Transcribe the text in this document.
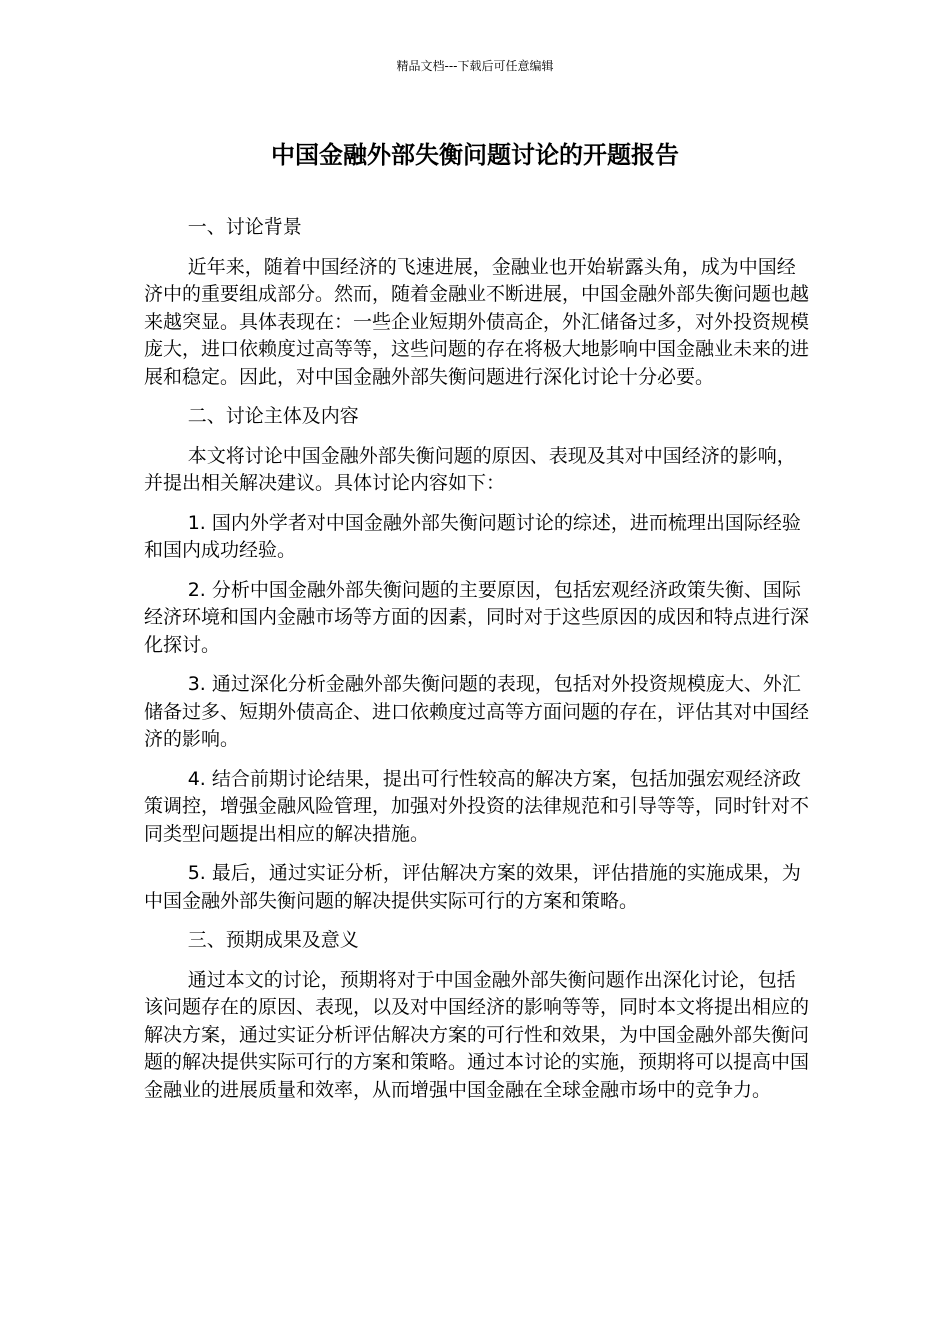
精品文档---下载后可任意编辑
中国金融外部失衡问题讨论的开题报告

一、讨论背景

近年来，随着中国经济的飞速进展，金融业也开始崭露头角，成为中国经济中的重要组成部分。然而，随着金融业不断进展，中国金融外部失衡问题也越来越突显。具体表现在：一些企业短期外债高企，外汇储备过多，对外投资规模庞大，进口依赖度过高等等，这些问题的存在将极大地影响中国金融业未来的进展和稳定。因此，对中国金融外部失衡问题进行深化讨论十分必要。

二、讨论主体及内容

本文将讨论中国金融外部失衡问题的原因、表现及其对中国经济的影响，并提出相关解决建议。具体讨论内容如下：

1. 国内外学者对中国金融外部失衡问题讨论的综述，进而梳理出国际经验和国内成功经验。

2. 分析中国金融外部失衡问题的主要原因，包括宏观经济政策失衡、国际经济环境和国内金融市场等方面的因素，同时对于这些原因的成因和特点进行深化探讨。

3. 通过深化分析金融外部失衡问题的表现，包括对外投资规模庞大、外汇储备过多、短期外债高企、进口依赖度过高等方面问题的存在，评估其对中国经济的影响。

4. 结合前期讨论结果，提出可行性较高的解决方案，包括加强宏观经济政策调控，增强金融风险管理，加强对外投资的法律规范和引导等等，同时针对不同类型问题提出相应的解决措施。

5. 最后，通过实证分析，评估解决方案的效果，评估措施的实施成果，为中国金融外部失衡问题的解决提供实际可行的方案和策略。

三、预期成果及意义

通过本文的讨论，预期将对于中国金融外部失衡问题作出深化讨论，包括该问题存在的原因、表现，以及对中国经济的影响等等，同时本文将提出相应的解决方案，通过实证分析评估解决方案的可行性和效果，为中国金融外部失衡问题的解决提供实际可行的方案和策略。通过本讨论的实施，预期将可以提高中国金融业的进展质量和效率，从而增强中国金融在全球金融市场中的竞争力。
